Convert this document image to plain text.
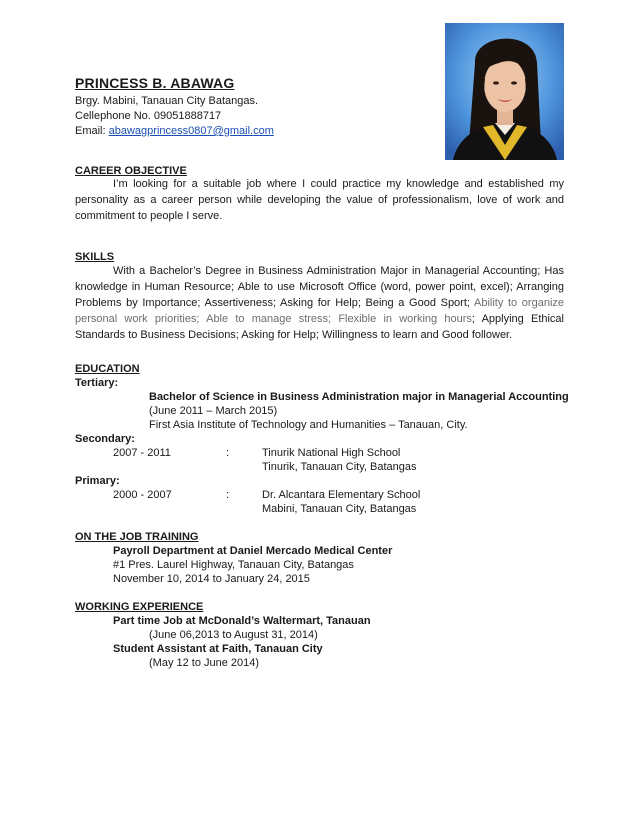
PRINCESS B. ABAWAG
Brgy. Mabini, Tanauan City Batangas.
Cellephone No. 09051888717
Email: abawagprincess0807@gmail.com
CAREER OBJECTIVE
I’m looking for a suitable job where I could practice my knowledge and established my personality as a career person while developing the value of professionalism, love of work and commitment to people I serve.
SKILLS
With a Bachelor’s Degree in Business Administration Major in Managerial Accounting; Has knowledge in Human Resource; Able to use Microsoft Office (word, power point, excel); Arranging Problems by Importance; Assertiveness; Asking for Help; Being a Good Sport; Ability to organize personal work priorities; Able to manage stress; Flexible in working hours; Applying Ethical Standards to Business Decisions; Asking for Help; Willingness to learn and Good follower.
EDUCATION
Tertiary:
Bachelor of Science in Business Administration major in Managerial Accounting
(June 2011 – March 2015)
First Asia Institute of Technology and Humanities – Tanauan, City.
Secondary:
2007 - 2011	:	Tinurik National High School
Tinurik, Tanauan City, Batangas
Primary:
2000 - 2007	:	Dr. Alcantara Elementary School
Mabini, Tanauan City, Batangas
ON THE JOB TRAINING
Payroll Department at Daniel Mercado Medical Center
#1 Pres. Laurel Highway, Tanauan City, Batangas
November 10, 2014 to January 24, 2015
WORKING EXPERIENCE
Part time Job at McDonald’s Waltermart, Tanauan
(June 06,2013 to August 31, 2014)
Student Assistant at Faith, Tanauan City
(May 12 to June 2014)
